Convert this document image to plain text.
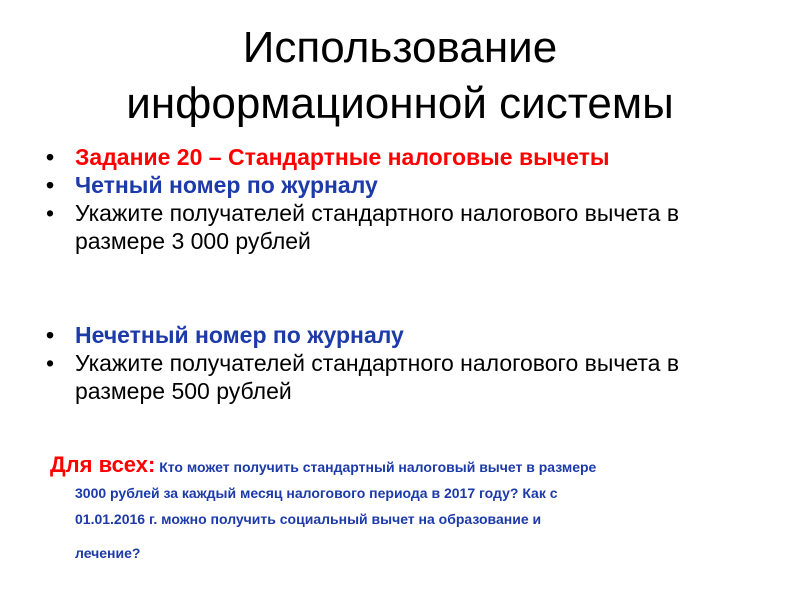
Использование
информационной системы
• Задание 20 – Стандартные налоговые вычеты
• Четный номер по журналу
• Укажите получателей стандартного налогового вычета в размере 3 000 рублей
• Нечетный номер по журналу
• Укажите получателей стандартного налогового вычета в размере 500 рублей
Для всех: Кто может получить стандартный налоговый вычет в размере
3000 рублей за каждый месяц налогового периода в 2017 году? Как с
01.01.2016 г. можно получить социальный вычет на образование и
лечение?
